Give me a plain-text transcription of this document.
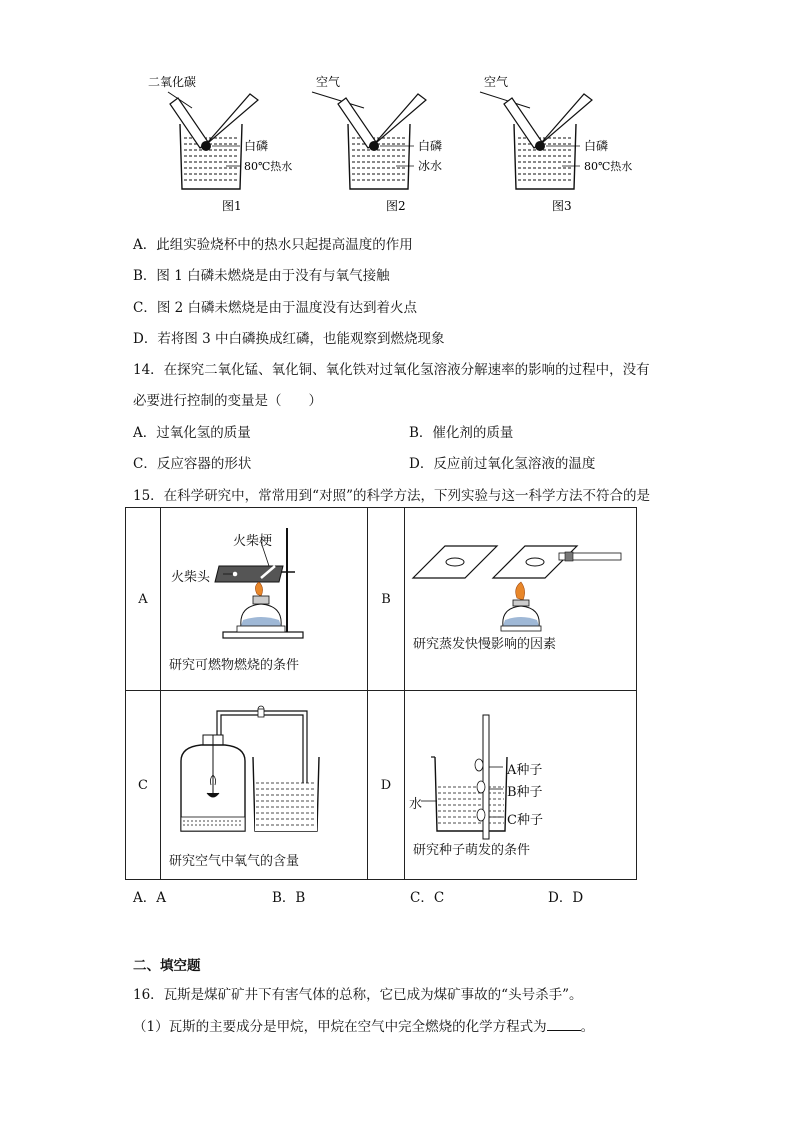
二氧化碳
白磷
80℃热水
图1
空气
白磷
冰水
图2
空气
白磷
80℃热水
图3
A．此组实验烧杯中的热水只起提高温度的作用
B．图 1 白磷未燃烧是由于没有与氧气接触
C．图 2 白磷未燃烧是由于温度没有达到着火点
D．若将图 3 中白磷换成红磷，也能观察到燃烧现象
14．在探究二氧化锰、氧化铜、氧化铁对过氧化氢溶液分解速率的影响的过程中，没有
必要进行控制的变量是（　　）
A．过氧化氢的质量	B．催化剂的质量
C．反应容器的形状	D．反应前过氧化氢溶液的温度
15．在科学研究中，常常用到“对照”的科学方法，下列实验与这一科学方法不符合的是
A	火柴梗
火柴头
研究可燃物燃烧的条件	B	研究蒸发快慢影响的因素

C	研究空气中氧气的含量	D	A种子
B种子
C种子
水
研究种子萌发的条件
A．A	B．B	C．C	D．D
二、填空题
16．瓦斯是煤矿矿井下有害气体的总称，它已成为煤矿事故的“头号杀手”。
（1）瓦斯的主要成分是甲烷，甲烷在空气中完全燃烧的化学方程式为	。
